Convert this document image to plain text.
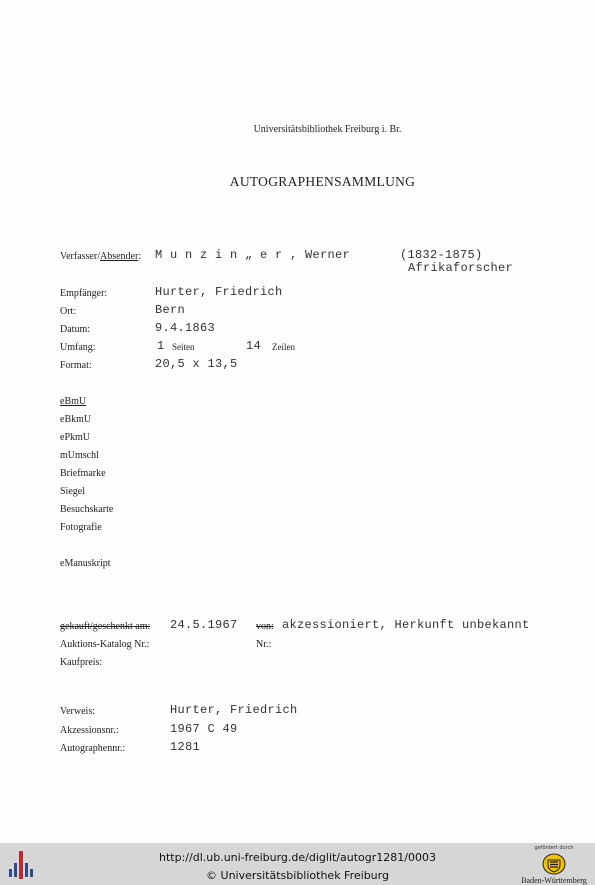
Universitätsbibliothek Freiburg i. Br.
AUTOGRAPHENSAMMLUNG
Verfasser/Absender: M u n z i n „ e r , Werner	(1832-1875)
Afrikaforscher
Empfänger:	Hurter, Friedrich
Ort:	Bern
Datum:	9.4.1863
Umfang:	1 Seiten	14 Zeilen
Format:	20,5 x 13,5
eBmU
eBkmU
ePkmU
mUmschl
Briefmarke
Siegel
Besuchskarte
Fotografie
eManuskript
gekauft/geschenkt am: 24.5.1967 von: akzessioniert, Herkunft unbekannt
Auktions-Katalog Nr.:	Nr.:
Kaufpreis:
Verweis:	Hurter, Friedrich
Akzessionsnr.:	1967 C 49
Autographennr.:	1281
http://dl.ub.uni-freiburg.de/diglit/autogr1281/0003
© Universitätsbibliothek Freiburg
gefördert durch
Baden-Württemberg
